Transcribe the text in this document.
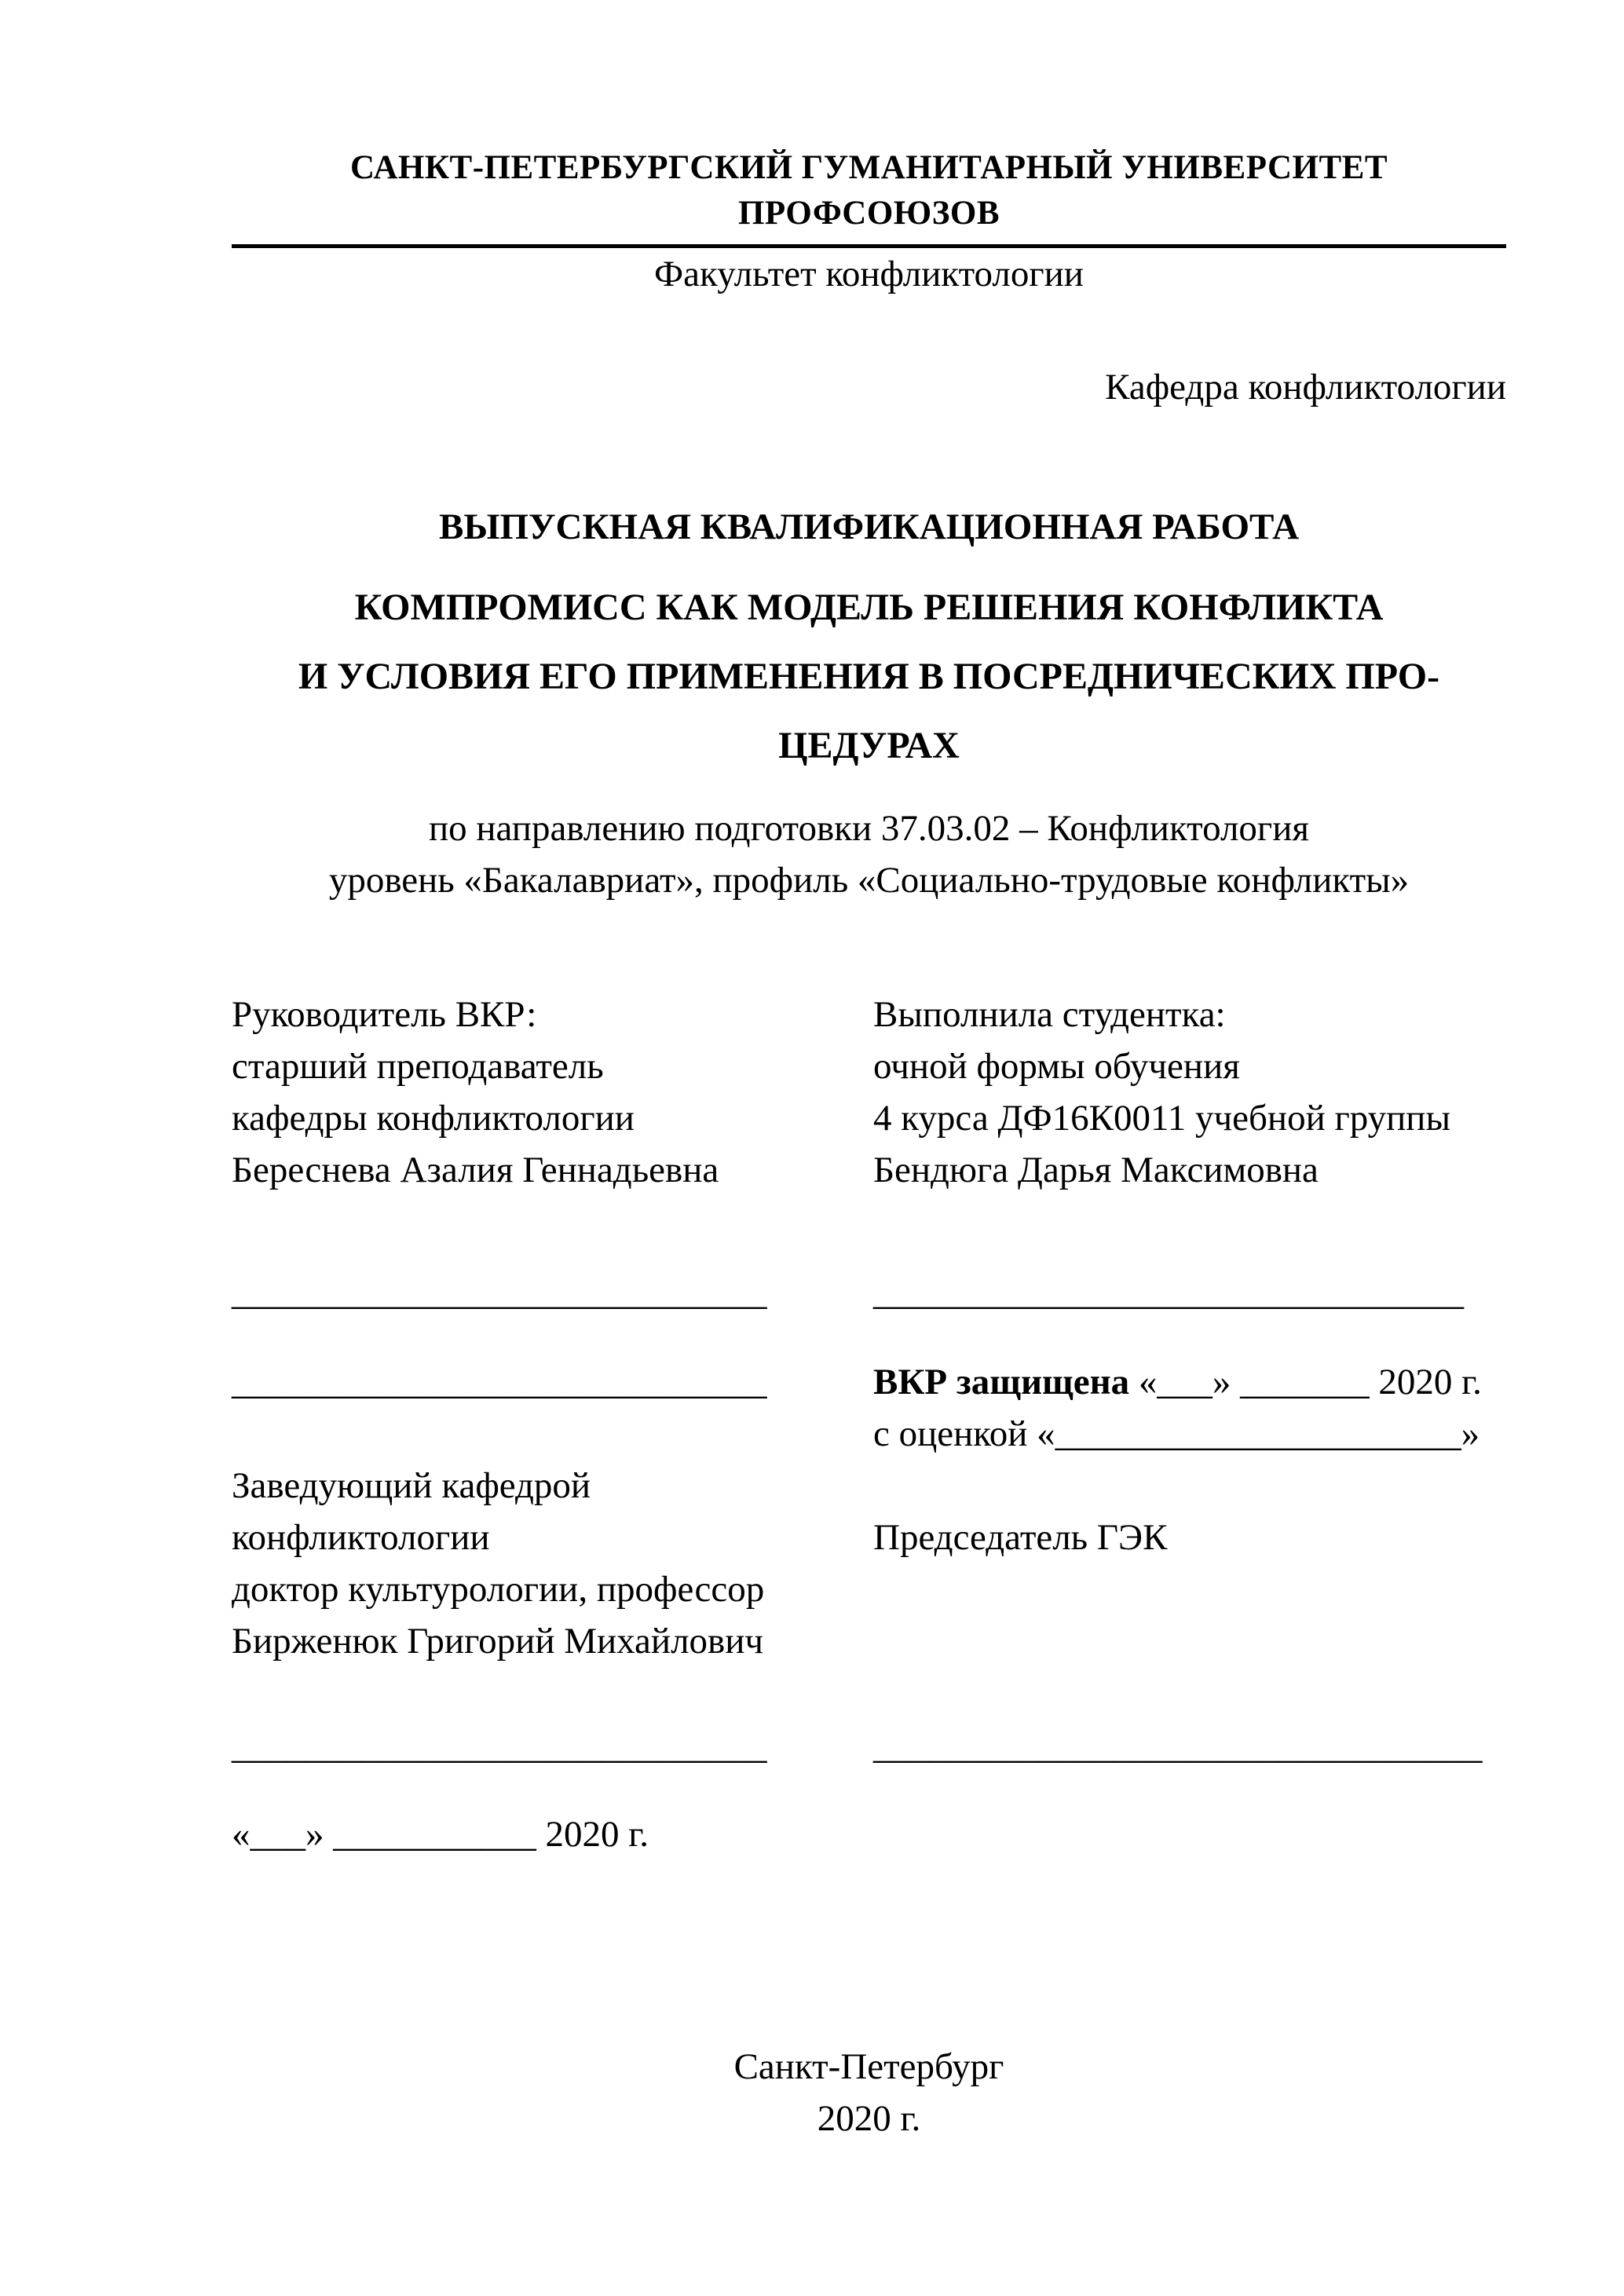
САНКТ-ПЕТЕРБУРГСКИЙ ГУМАНИТАРНЫЙ УНИВЕРСИТЕТ ПРОФСОЮЗОВ
Факультет конфликтологии
Кафедра конфликтологии
ВЫПУСКНАЯ КВАЛИФИКАЦИОННАЯ РАБОТА
КОМПРОМИСС КАК МОДЕЛЬ РЕШЕНИЯ КОНФЛИКТА
И УСЛОВИЯ ЕГО ПРИМЕНЕНИЯ В ПОСРЕДНИЧЕСКИХ ПРО-
ЦЕДУРАХ
по направлению подготовки 37.03.02 – Конфликтология
уровень «Бакалавриат», профиль «Социально-трудовые конфликты»
Руководитель ВКР:	Выполнила студентка:
старший преподаватель	очной формы обучения
кафедры конфликтологии	4 курса ДФ16К0011 учебной группы
Береснева Азалия Геннадьевна	Бендюга Дарья Максимовна
_____________________________	________________________________
_____________________________	ВКР защищена «___» _______ 2020 г.
с оценкой «______________________»
Заведующий кафедрой
конфликтологии	Председатель ГЭК
доктор культурологии, профессор
Бирженюк Григорий Михайлович
_____________________________	_________________________________
«___» ___________ 2020 г.
Санкт-Петербург
2020 г.
